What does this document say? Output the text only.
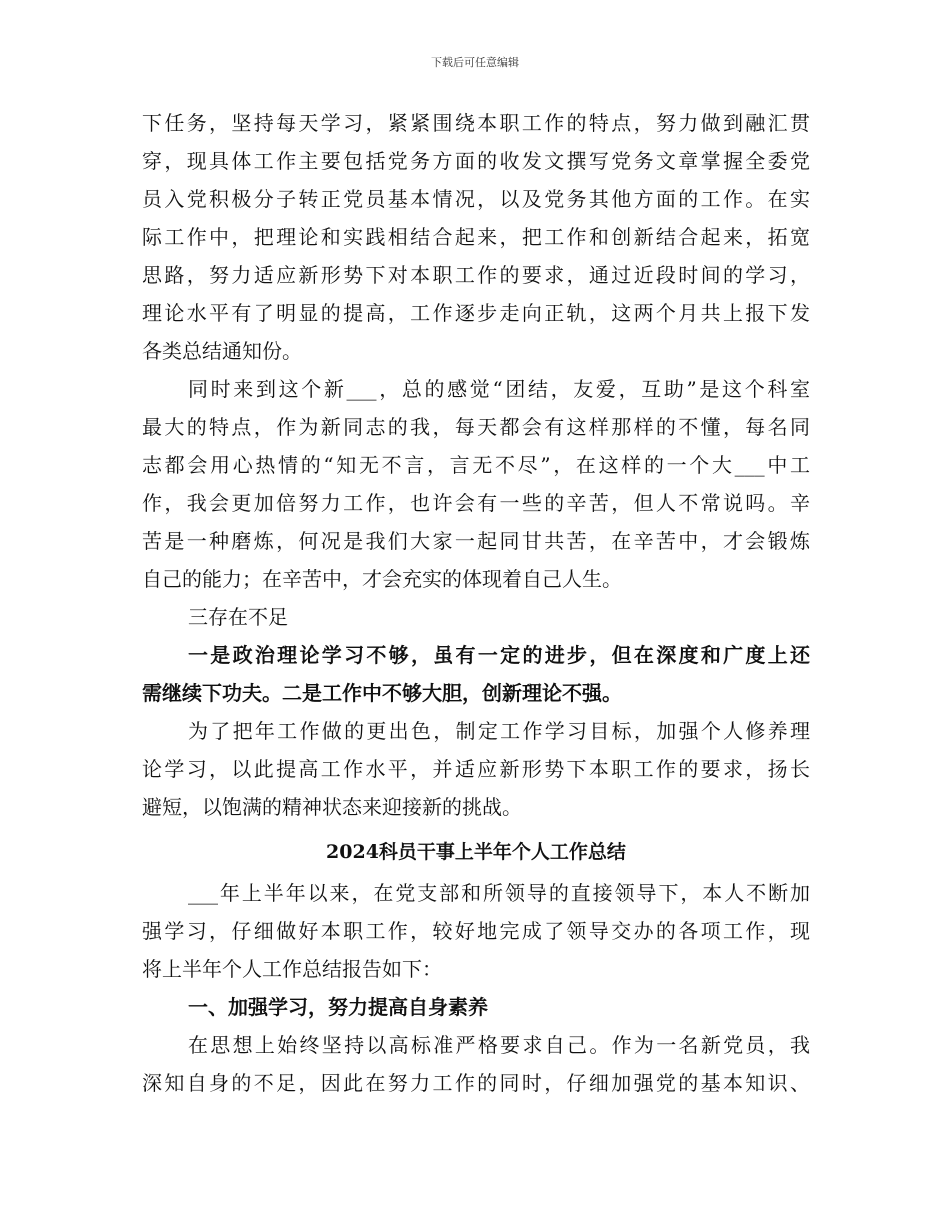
下载后可任意编辑
下任务，坚持每天学习，紧紧围绕本职工作的特点，努力做到融汇贯
穿，现具体工作主要包括党务方面的收发文撰写党务文章掌握全委党
员入党积极分子转正党员基本情况，以及党务其他方面的工作。在实
际工作中，把理论和实践相结合起来，把工作和创新结合起来，拓宽
思路，努力适应新形势下对本职工作的要求，通过近段时间的学习，
理论水平有了明显的提高，工作逐步走向正轨，这两个月共上报下发
各类总结通知份。
同时来到这个新___，总的感觉“团结，友爱，互助”是这个科室
最大的特点，作为新同志的我，每天都会有这样那样的不懂，每名同
志都会用心热情的“知无不言，言无不尽”，在这样的一个大___中工
作，我会更加倍努力工作，也许会有一些的辛苦，但人不常说吗。辛
苦是一种磨炼，何况是我们大家一起同甘共苦，在辛苦中，才会锻炼
自己的能力；在辛苦中，才会充实的体现着自己人生。
三存在不足
一是政治理论学习不够，虽有一定的进步，但在深度和广度上还
需继续下功夫。二是工作中不够大胆，创新理论不强。
为了把年工作做的更出色，制定工作学习目标，加强个人修养理
论学习，以此提高工作水平，并适应新形势下本职工作的要求，扬长
避短，以饱满的精神状态来迎接新的挑战。
2024科员干事上半年个人工作总结
___年上半年以来，在党支部和所领导的直接领导下，本人不断加
强学习，仔细做好本职工作，较好地完成了领导交办的各项工作，现
将上半年个人工作总结报告如下：
一、加强学习，努力提高自身素养
在思想上始终坚持以高标准严格要求自己。作为一名新党员，我
深知自身的不足，因此在努力工作的同时，仔细加强党的基本知识、
